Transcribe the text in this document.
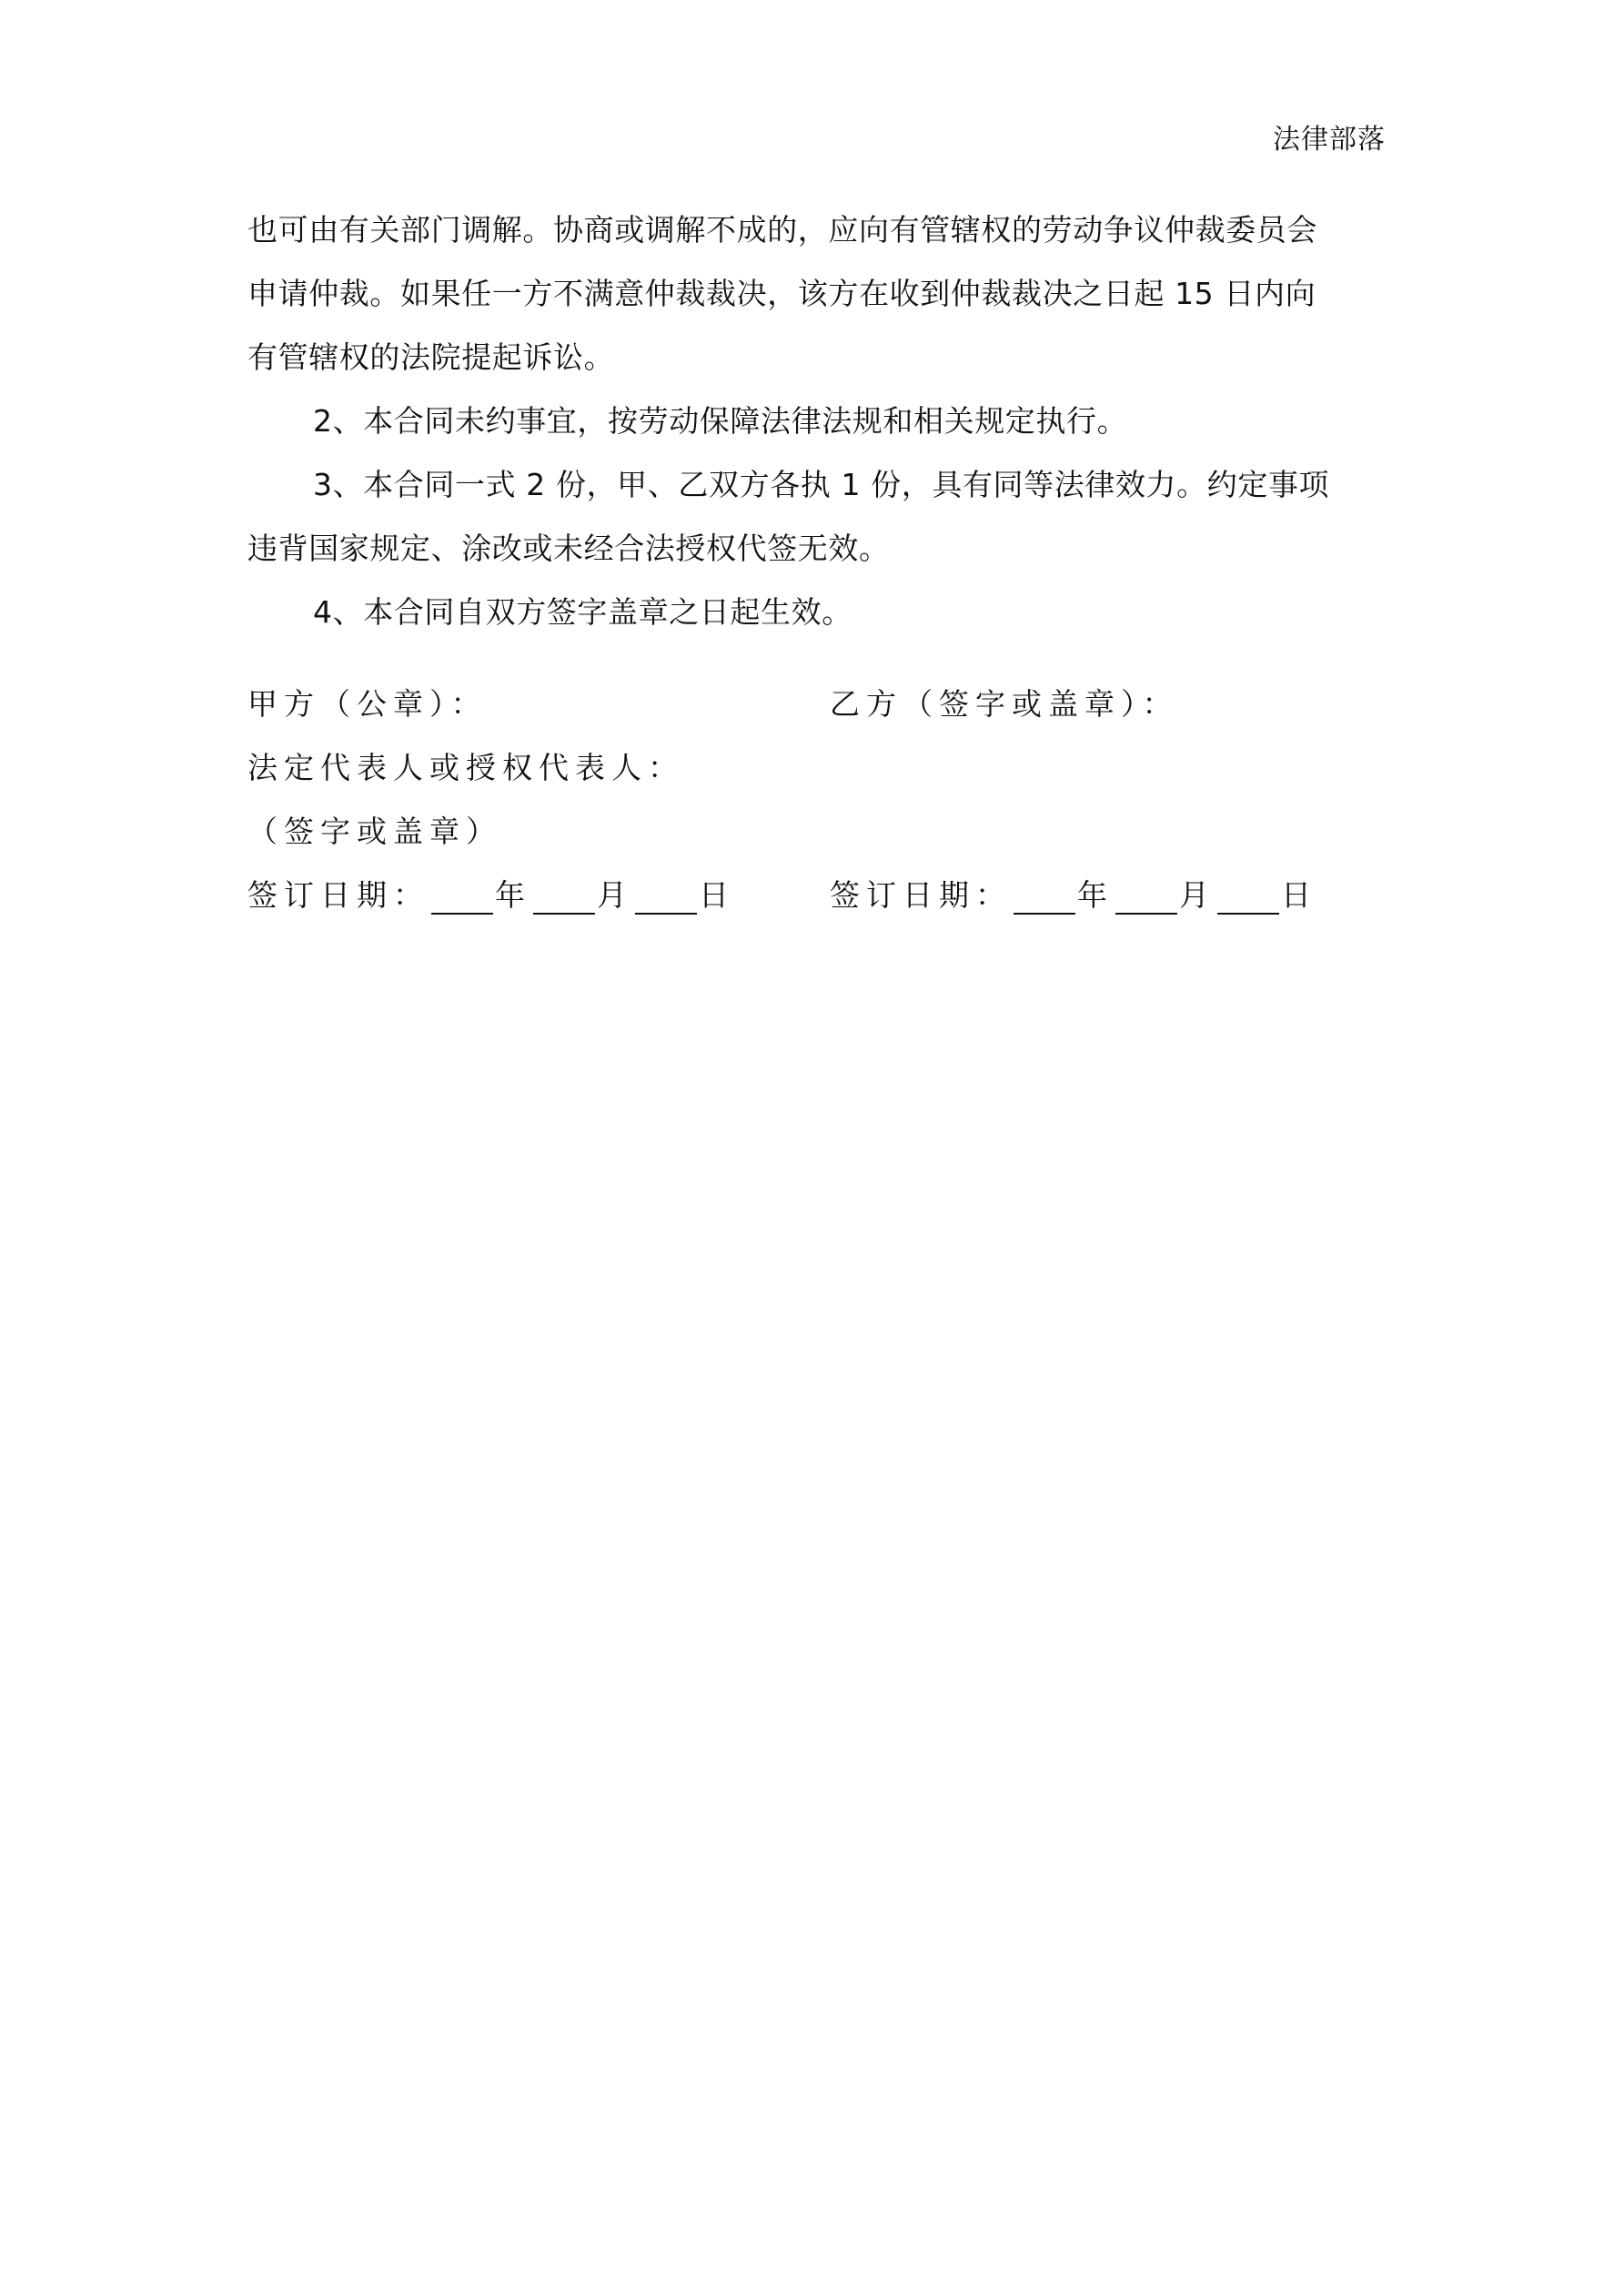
法律部落
也可由有关部门调解。协商或调解不成的，应向有管辖权的劳动争议仲裁委员会
申请仲裁。如果任一方不满意仲裁裁决，该方在收到仲裁裁决之日起 15 日内向
有管辖权的法院提起诉讼。
2、本合同未约事宜，按劳动保障法律法规和相关规定执行。
3、本合同一式 2 份，甲、乙双方各执 1 份，具有同等法律效力。约定事项
违背国家规定、涂改或未经合法授权代签无效。
4、本合同自双方签字盖章之日起生效。
甲方（公章）：	乙方（签字或盖章）：
法定代表人或授权代表人：
（签字或盖章）
签订日期： 年 月 日	签订日期： 年 月 日
